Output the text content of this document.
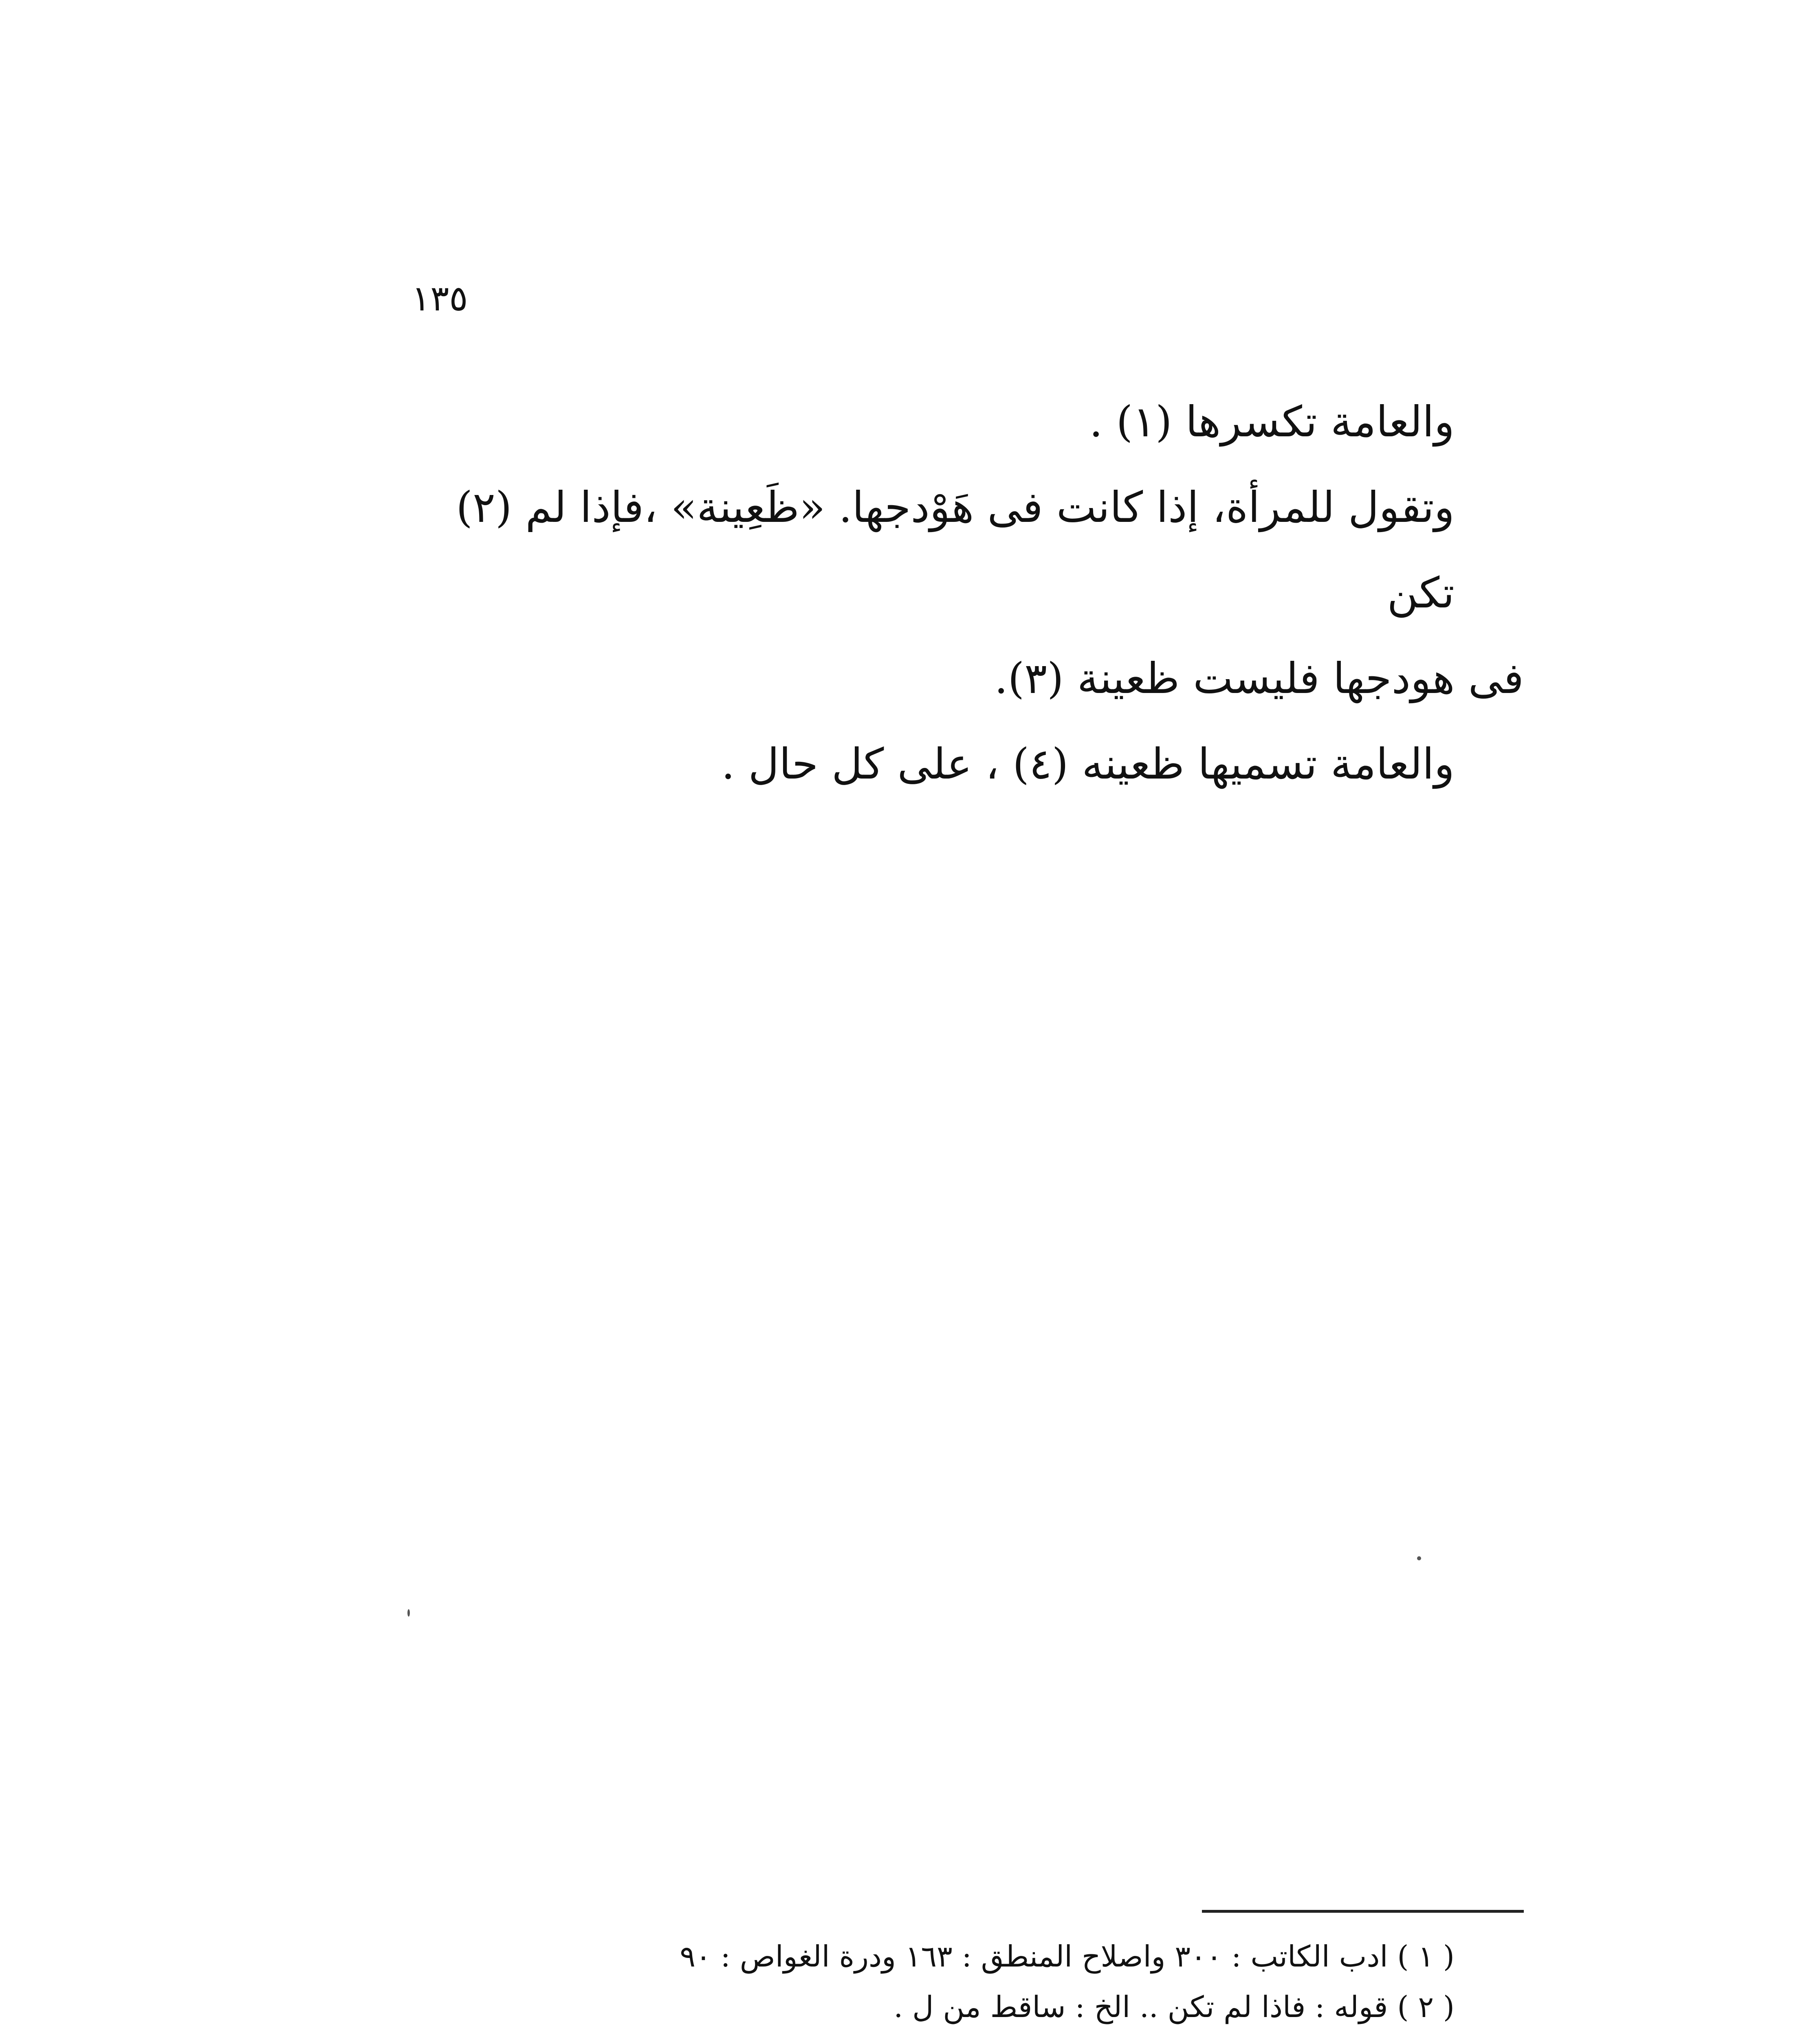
١٣٥

والعامة تكسرها (١) .

وتقول للمرأة، إذا كانت فى هَوْدجها. «ظَعِينة» ،فإذا لم (٢) تكن

فى هودجها فليست ظعينة (٣).

والعامة تسميها ظعينه (٤) ، على كل حال .

( ١ ) ادب الكاتب : ٣٠٠ واصلاح المنطق : ١٦٣ ودرة الغواص : ٩٠

( ٢ ) قوله : فاذا لم تكن .. الخ : ساقط من ل .
